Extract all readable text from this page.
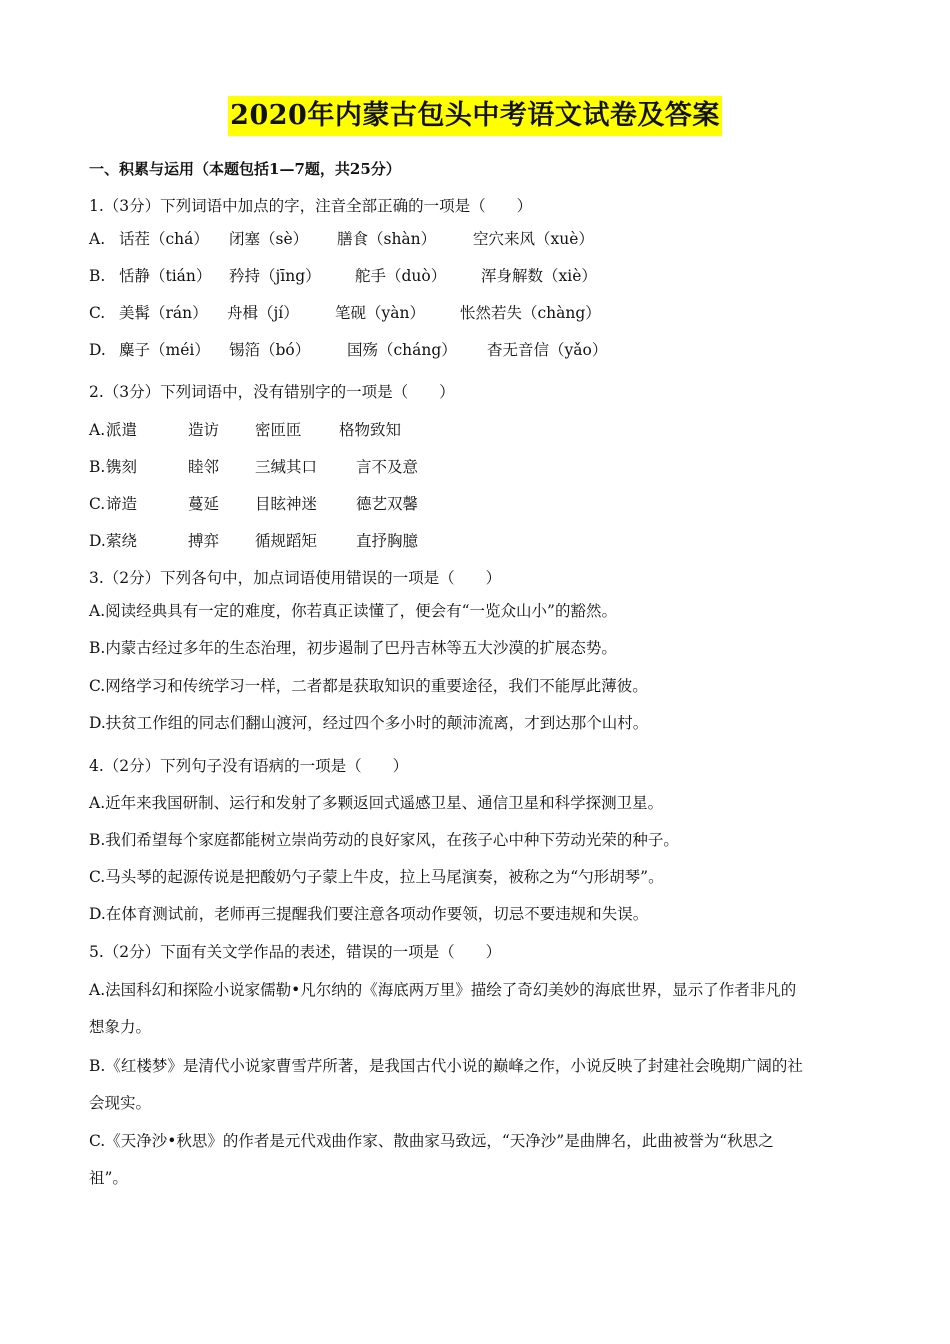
2020年内蒙古包头中考语文试卷及答案
一、积累与运用（本题包括1—7题，共25分）
1.（3分）下列词语中加点的字，注音全部正确的一项是（　　）
A. 话茬（chá） 闭塞（sè） 膳食（shàn） 空穴来风（xuè）
B. 恬静（tián） 矜持（jīng） 舵手（duò） 浑身解数（xiè）
C. 美髯（rán） 舟楫（jí） 笔砚（yàn） 怅然若失（chàng）
D. 麋子（méi） 锡箔（bó） 国殇（cháng） 杳无音信（yǎo）
2.（3分）下列词语中，没有错别字的一项是（　　）
A.派遣	造访 密匝匝 格物致知
B.镌刻	睦邻 三缄其口	言不及意
C.谛造	蔓延 目眩神迷	德艺双馨
D.萦绕	搏弈 循规蹈矩	直抒胸臆
3.（2分）下列各句中，加点词语使用错误的一项是（　　）
A.阅读经典具有一定的难度，你若真正读懂了，便会有“一览众山小”的豁然。
B.内蒙古经过多年的生态治理，初步遏制了巴丹吉林等五大沙漠的扩展态势。
C.网络学习和传统学习一样，二者都是获取知识的重要途径，我们不能厚此薄彼。
D.扶贫工作组的同志们翻山渡河，经过四个多小时的颠沛流离，才到达那个山村。
4.（2分）下列句子没有语病的一项是（　　）
A.近年来我国研制、运行和发射了多颗返回式遥感卫星、通信卫星和科学探测卫星。
B.我们希望每个家庭都能树立崇尚劳动的良好家风，在孩子心中种下劳动光荣的种子。
C.马头琴的起源传说是把酸奶勺子蒙上牛皮，拉上马尾演奏，被称之为“勺形胡琴”。
D.在体育测试前，老师再三提醒我们要注意各项动作要领，切忌不要违规和失误。
5.（2分）下面有关文学作品的表述，错误的一项是（　　）
A.法国科幻和探险小说家儒勒•凡尔纳的《海底两万里》描绘了奇幻美妙的海底世界，显示了作者非凡的
想象力。
B.《红楼梦》是清代小说家曹雪芹所著，是我国古代小说的巅峰之作，小说反映了封建社会晚期广阔的社
会现实。
C.《天净沙•秋思》的作者是元代戏曲作家、散曲家马致远，“天净沙”是曲牌名，此曲被誉为“秋思之
祖”。
